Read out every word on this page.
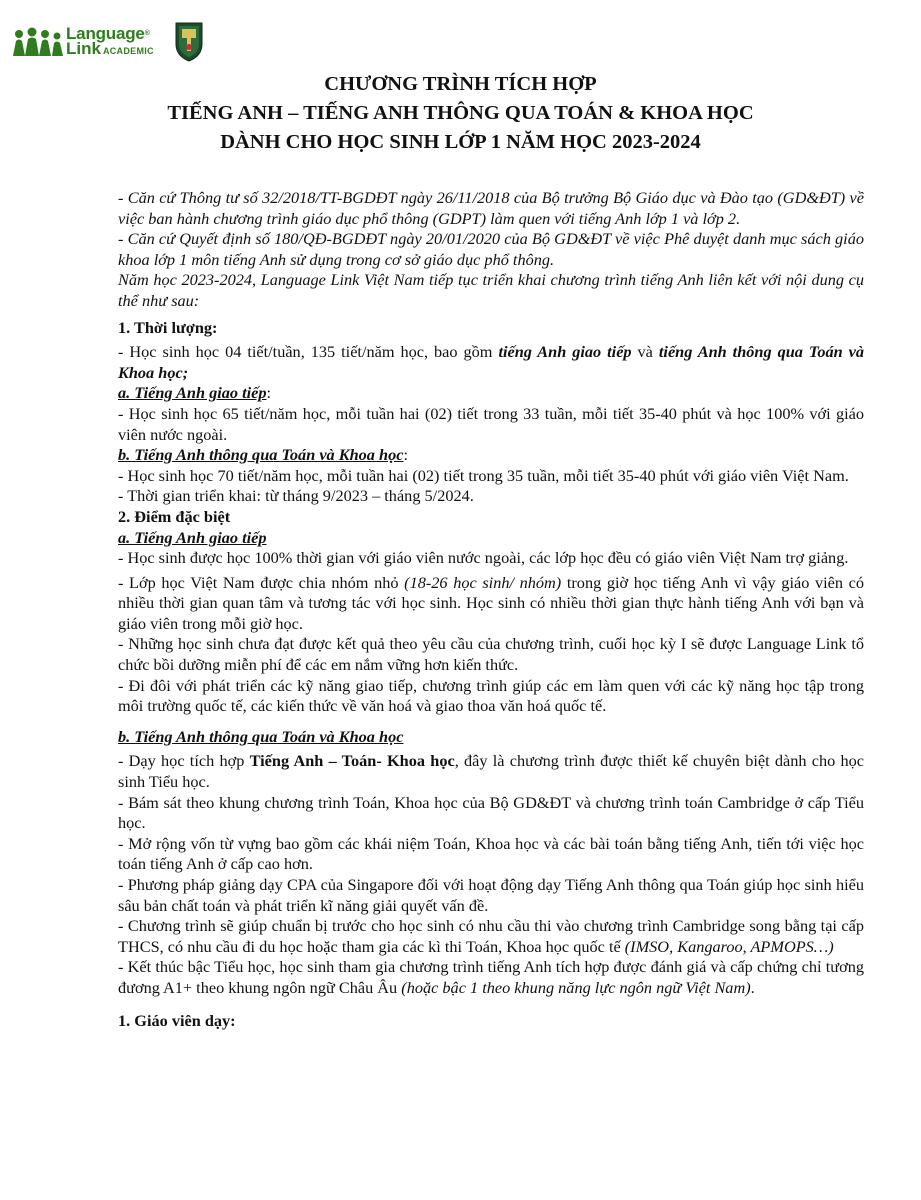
Language®
Link ACADEMIC
CHƯƠNG TRÌNH TÍCH HỢP
TIẾNG ANH – TIẾNG ANH THÔNG QUA TOÁN & KHOA HỌC
DÀNH CHO HỌC SINH LỚP 1 NĂM HỌC 2023-2024

- Căn cứ Thông tư số 32/2018/TT-BGDĐT ngày 26/11/2018 của Bộ trưởng Bộ Giáo dục và Đào tạo (GD&ĐT) về việc ban hành chương trình giáo dục phổ thông (GDPT) làm quen với tiếng Anh lớp 1 và lớp 2.

- Căn cứ Quyết định số 180/QĐ-BGDĐT ngày 20/01/2020 của Bộ GD&ĐT về việc Phê duyệt danh mục sách giáo khoa lớp 1 môn tiếng Anh sử dụng trong cơ sở giáo dục phổ thông.

Năm học 2023-2024, Language Link Việt Nam tiếp tục triển khai chương trình tiếng Anh liên kết với nội dung cụ thể như sau:

1. Thời lượng:

- Học sinh học 04 tiết/tuần, 135 tiết/năm học, bao gồm tiếng Anh giao tiếp và tiếng Anh thông qua Toán và Khoa học;

a. Tiếng Anh giao tiếp:

- Học sinh học 65 tiết/năm học, mỗi tuần hai (02) tiết trong 33 tuần, mỗi tiết 35-40 phút và học 100% với giáo viên nước ngoài.

b. Tiếng Anh thông qua Toán và Khoa học:

- Học sinh học 70 tiết/năm học, mỗi tuần hai (02) tiết trong 35 tuần, mỗi tiết 35-40 phút với giáo viên Việt Nam.

- Thời gian triển khai: từ tháng 9/2023 – tháng 5/2024.

2. Điểm đặc biệt

a. Tiếng Anh giao tiếp

- Học sinh được học 100% thời gian với giáo viên nước ngoài, các lớp học đều có giáo viên Việt Nam trợ giảng.

- Lớp học Việt Nam được chia nhóm nhỏ (18-26 học sinh/ nhóm) trong giờ học tiếng Anh vì vậy giáo viên có nhiều thời gian quan tâm và tương tác với học sinh. Học sinh có nhiều thời gian thực hành tiếng Anh với bạn và giáo viên trong mỗi giờ học.

- Những học sinh chưa đạt được kết quả theo yêu cầu của chương trình, cuối học kỳ I sẽ được Language Link tổ chức bồi dưỡng miễn phí để các em nắm vững hơn kiến thức.

- Đi đôi với phát triển các kỹ năng giao tiếp, chương trình giúp các em làm quen với các kỹ năng học tập trong môi trường quốc tế, các kiến thức về văn hoá và giao thoa văn hoá quốc tế.

b. Tiếng Anh thông qua Toán và Khoa học

- Dạy học tích hợp Tiếng Anh – Toán- Khoa học, đây là chương trình được thiết kế chuyên biệt dành cho học sinh Tiểu học.

- Bám sát theo khung chương trình Toán, Khoa học của Bộ GD&ĐT và chương trình toán Cambridge ở cấp Tiểu học.

- Mở rộng vốn từ vựng bao gồm các khái niệm Toán, Khoa học và các bài toán bằng tiếng Anh, tiến tới việc học toán tiếng Anh ở cấp cao hơn.

- Phương pháp giảng dạy CPA của Singapore đối với hoạt động dạy Tiếng Anh thông qua Toán giúp học sinh hiểu sâu bản chất toán và phát triển kĩ năng giải quyết vấn đề.

- Chương trình sẽ giúp chuẩn bị trước cho học sinh có nhu cầu thi vào chương trình Cambridge song bằng tại cấp THCS, có nhu cầu đi du học hoặc tham gia các kì thi Toán, Khoa học quốc tế (IMSO, Kangaroo, APMOPS…)

- Kết thúc bậc Tiểu học, học sinh tham gia chương trình tiếng Anh tích hợp được đánh giá và cấp chứng chỉ tương đương A1+ theo khung ngôn ngữ Châu Âu (hoặc bậc 1 theo khung năng lực ngôn ngữ Việt Nam).

1. Giáo viên dạy:
